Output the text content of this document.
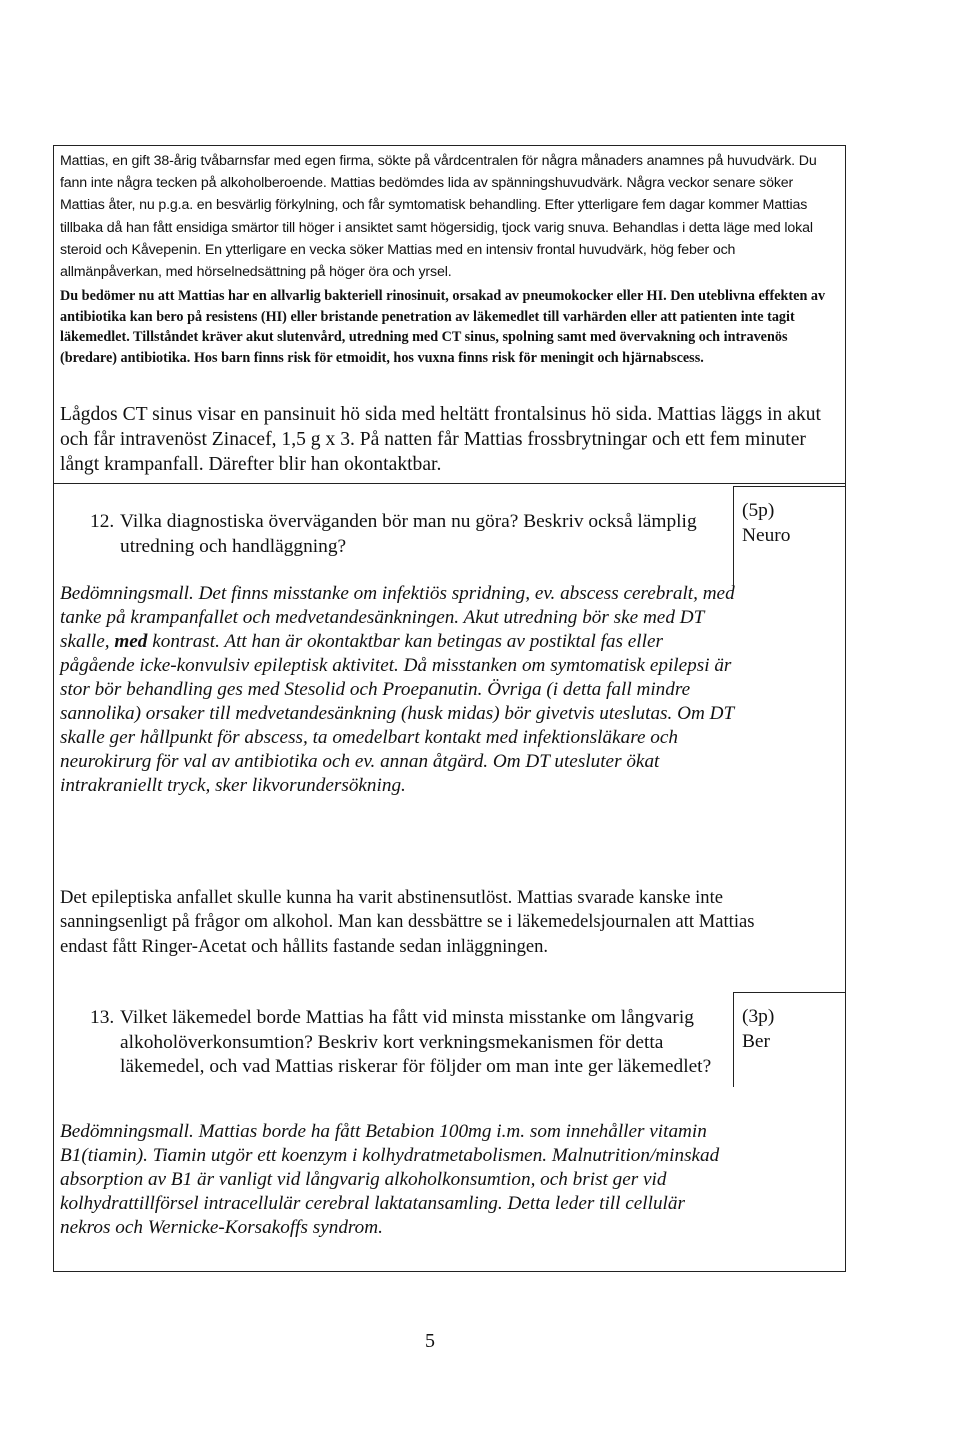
Mattias, en gift 38-årig tvåbarnsfar med egen firma, sökte på vårdcentralen för några månaders anamnes på huvudvärk. Du fann inte några tecken på alkoholberoende. Mattias bedömdes lida av spänningshuvudvärk. Några veckor senare söker Mattias åter, nu p.g.a. en besvärlig förkylning, och får symtomatisk behandling. Efter ytterligare fem dagar kommer Mattias tillbaka då han fått ensidiga smärtor till höger i ansiktet samt högersidig, tjock varig snuva. Behandlas i detta läge med lokal steroid och Kåvepenin. En ytterligare en vecka söker Mattias med en intensiv frontal huvudvärk, hög feber och allmänpåverkan, med hörselnedsättning på höger öra och yrsel.

Du bedömer nu att Mattias har en allvarlig bakteriell rinosinuit, orsakad av pneumokocker eller HI. Den uteblivna effekten av antibiotika kan bero på resistens (HI) eller bristande penetration av läkemedlet till varhärden eller att patienten inte tagit läkemedlet. Tillståndet kräver akut slutenvård, utredning med CT sinus, spolning samt med övervakning och intravenös (bredare) antibiotika. Hos barn finns risk för etmoidit, hos vuxna finns risk för meningit och hjärnabscess.

Lågdos CT sinus visar en pansinuit hö sida med heltätt frontalsinus hö sida. Mattias läggs in akut och får intravenöst Zinacef, 1,5 g x 3. På natten får Mattias frossbrytningar och ett fem minuter långt krampanfall. Därefter blir han okontaktbar.

12. Vilka diagnostiska överväganden bör man nu göra? Beskriv också lämplig utredning och handläggning?

(5p)
Neuro

Bedömningsmall. Det finns misstanke om infektiös spridning, ev. abscess cerebralt, med tanke på krampanfallet och medvetandesänkningen. Akut utredning bör ske med DT skalle, med kontrast. Att han är okontaktbar kan betingas av postiktal fas eller pågående icke-konvulsiv epileptisk aktivitet. Då misstanken om symtomatisk epilepsi är stor bör behandling ges med Stesolid och Proepanutin. Övriga (i detta fall mindre sannolika) orsaker till medvetandesänkning (husk midas) bör givetvis uteslutas. Om DT skalle ger hållpunkt för abscess, ta omedelbart kontakt med infektionsläkare och neurokirurg för val av antibiotika och ev. annan åtgärd. Om DT utesluter ökat intrakraniellt tryck, sker likvorundersökning.

Det epileptiska anfallet skulle kunna ha varit abstinensutlöst. Mattias svarade kanske inte sanningsenligt på frågor om alkohol. Man kan dessbättre se i läkemedelsjournalen att Mattias endast fått Ringer-Acetat och hållits fastande sedan inläggningen.

13. Vilket läkemedel borde Mattias ha fått vid minsta misstanke om långvarig alkoholöverkonsumtion? Beskriv kort verkningsmekanismen för detta läkemedel, och vad Mattias riskerar för följder om man inte ger läkemedlet?

(3p)
Ber

Bedömningsmall. Mattias borde ha fått Betabion 100mg i.m. som innehåller vitamin B1(tiamin). Tiamin utgör ett koenzym i kolhydratmetabolismen. Malnutrition/minskad absorption av B1 är vanligt vid långvarig alkoholkonsumtion, och brist ger vid kolhydrattillförsel intracellulär cerebral laktatansamling. Detta leder till cellulär nekros och Wernicke-Korsakoffs syndrom.

5
